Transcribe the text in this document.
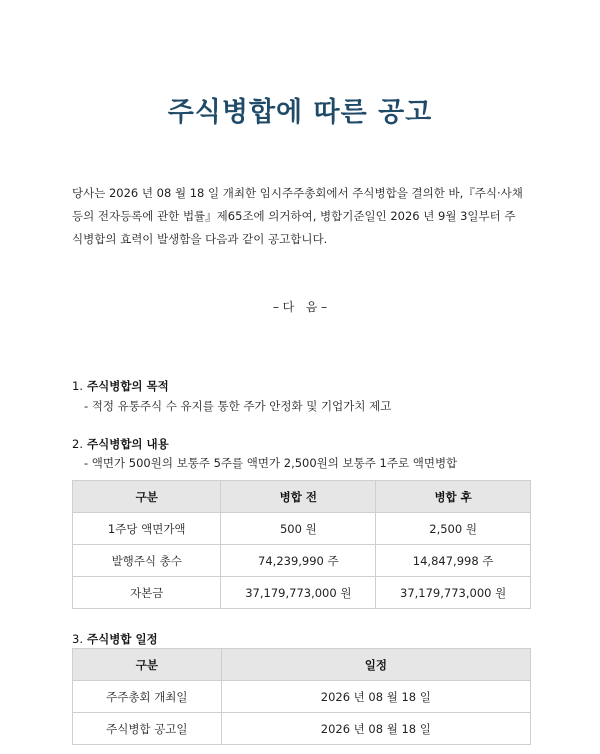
주식병합에 따른 공고
당사는 2026 년 08 월 18 일 개최한 임시주주총회에서 주식병합을 결의한 바,『주식·사채
등의 전자등록에 관한 법률』제65조에 의거하여, 병합기준일인 2026 년 9월 3일부터 주
식병합의 효력이 발생함을 다음과 같이 공고합니다.
– 다   음 –
1. 주식병합의 목적
- 적정 유통주식 수 유지를 통한 주가 안정화 및 기업가치 제고
2. 주식병합의 내용
- 액면가 500원의 보통주 5주를 액면가 2,500원의 보통주 1주로 액면병합
구분	병합 전	병합 후
1주당 액면가액	500 원	2,500 원
발행주식 총수	74,239,990 주	14,847,998 주
자본금	37,179,773,000 원	37,179,773,000 원
3. 주식병합 일정
구분	일정
주주총회 개최일	2026 년 08 월 18 일
주식병합 공고일	2026 년 08 월 18 일
